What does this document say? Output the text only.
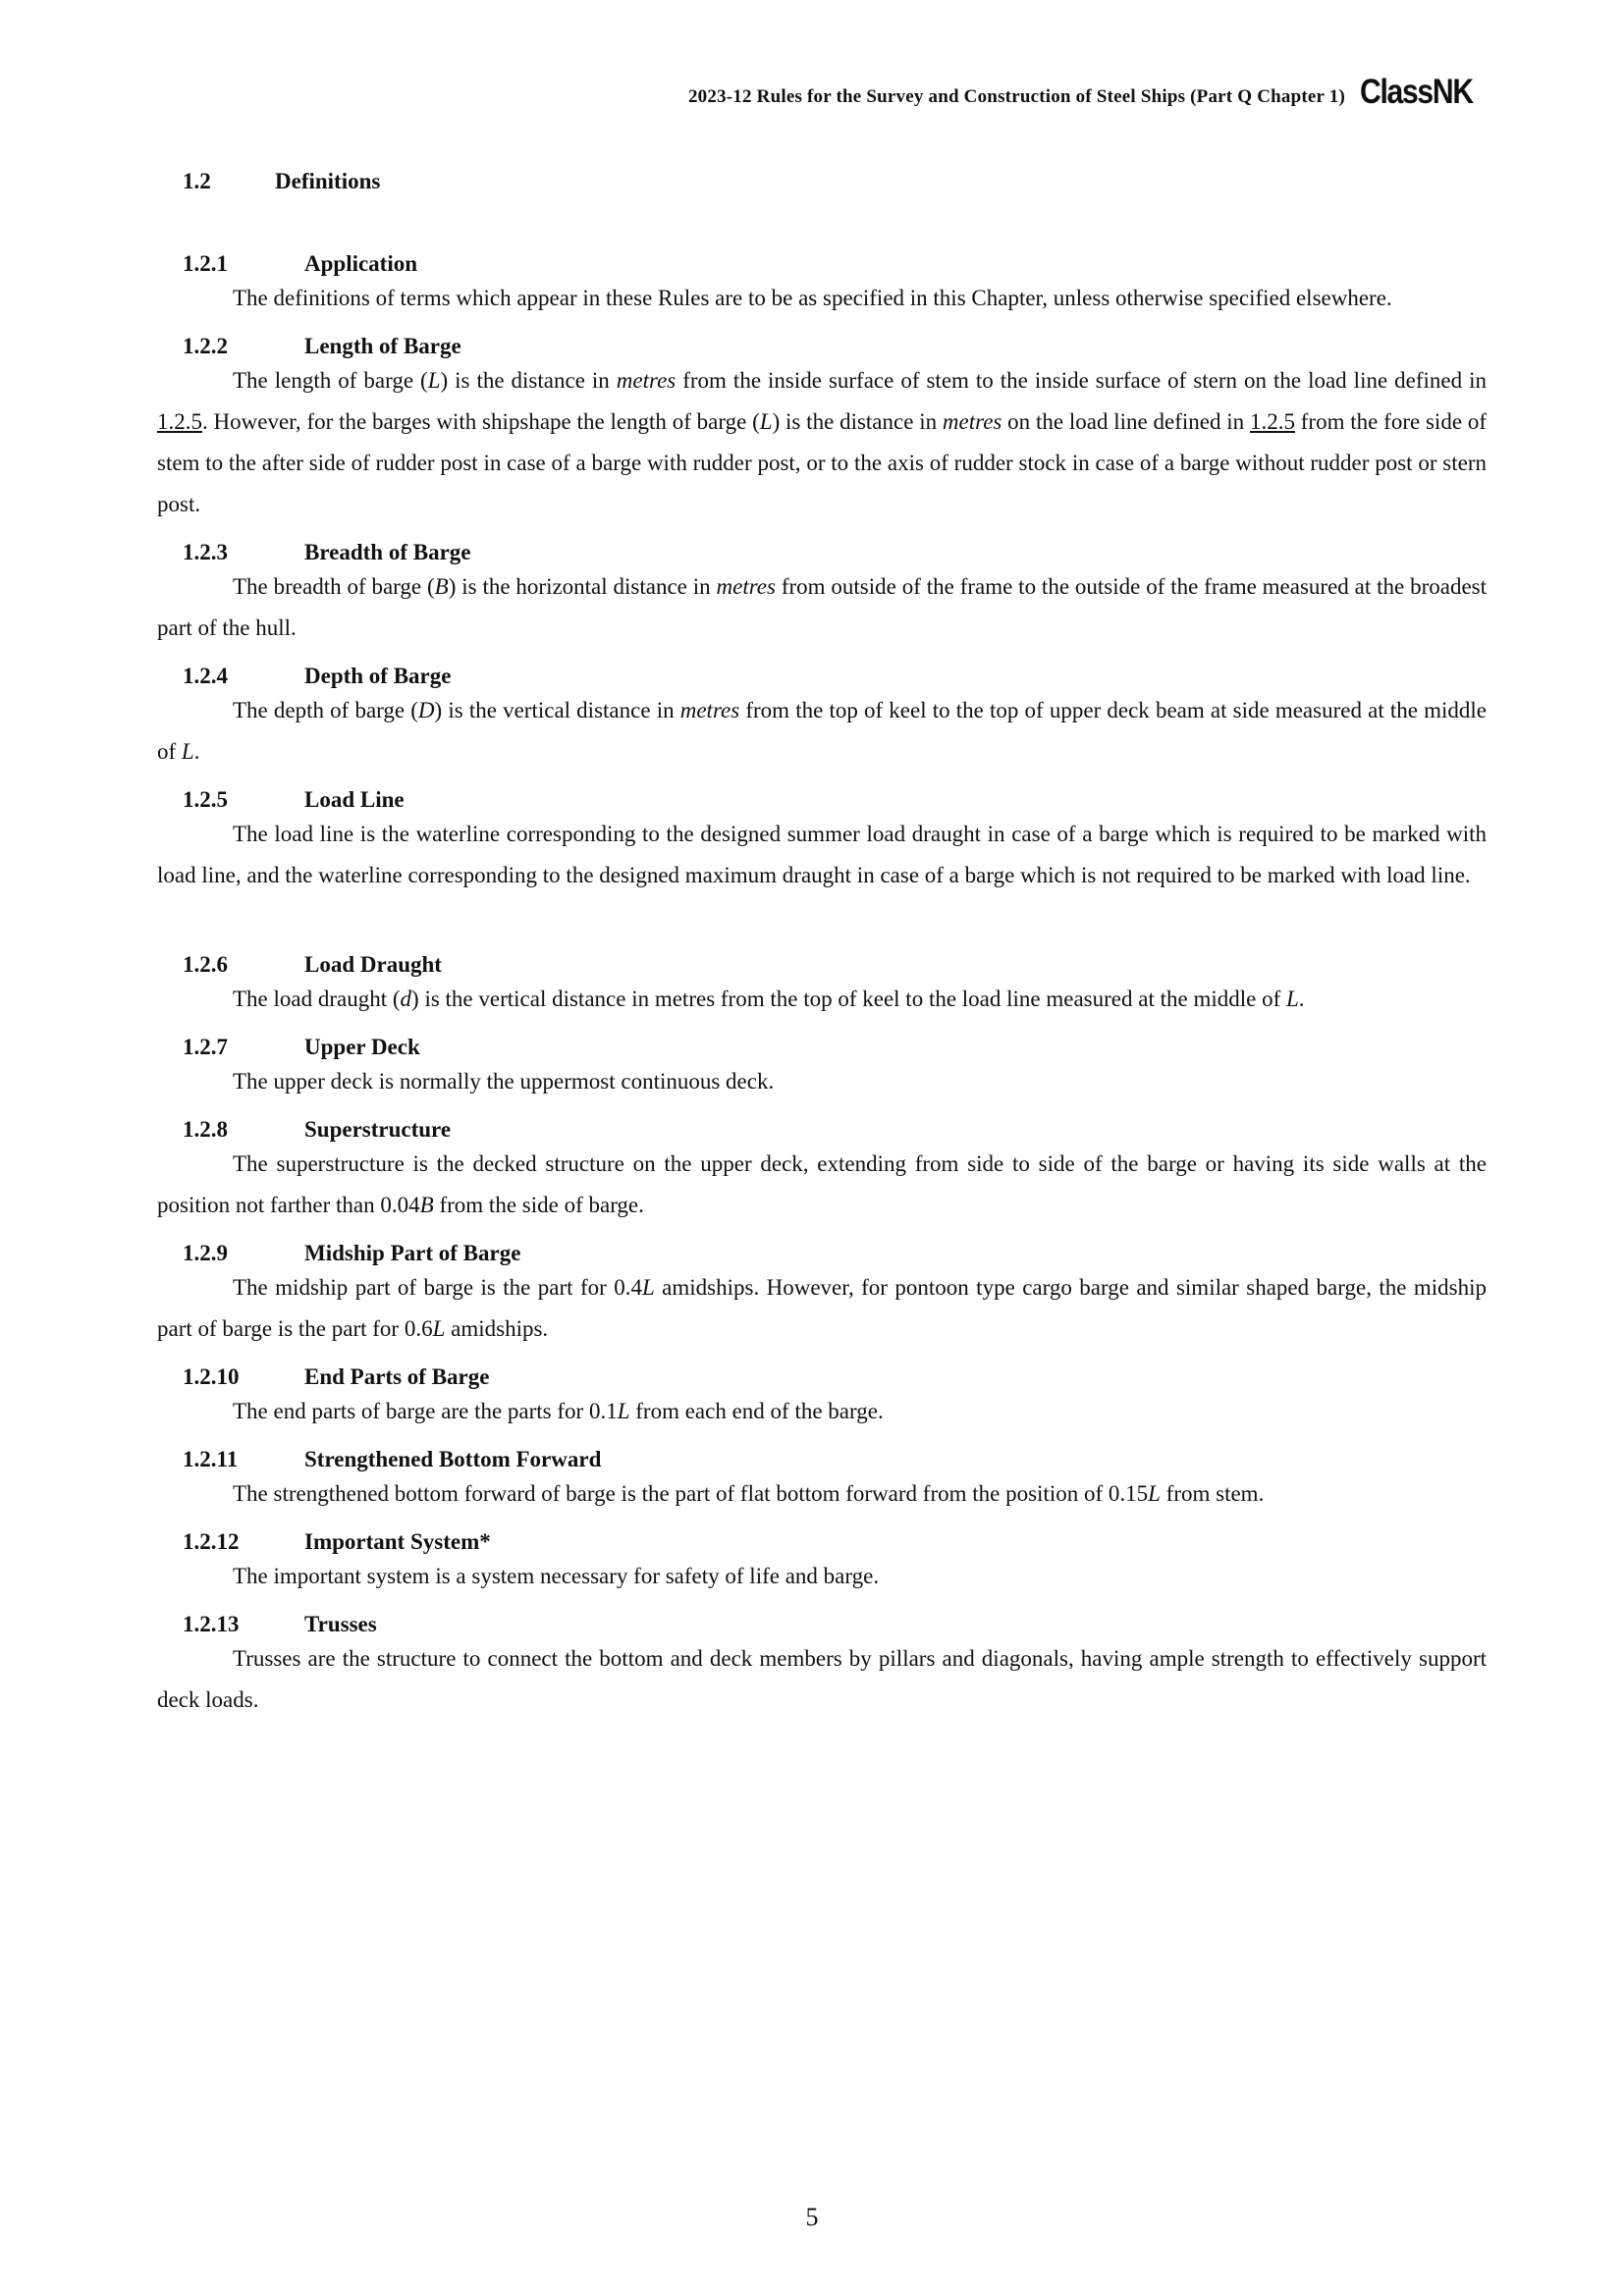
2023-12 Rules for the Survey and Construction of Steel Ships (Part Q Chapter 1) ClassNK
1.2	Definitions
1.2.1	Application
The definitions of terms which appear in these Rules are to be as specified in this Chapter, unless otherwise specified elsewhere.
1.2.2	Length of Barge
The length of barge (L) is the distance in metres from the inside surface of stem to the inside surface of stern on the load line defined in 1.2.5. However, for the barges with shipshape the length of barge (L) is the distance in metres on the load line defined in 1.2.5 from the fore side of stem to the after side of rudder post in case of a barge with rudder post, or to the axis of rudder stock in case of a barge without rudder post or stern post.
1.2.3	Breadth of Barge
The breadth of barge (B) is the horizontal distance in metres from outside of the frame to the outside of the frame measured at the broadest part of the hull.
1.2.4	Depth of Barge
The depth of barge (D) is the vertical distance in metres from the top of keel to the top of upper deck beam at side measured at the middle of L.
1.2.5	Load Line
The load line is the waterline corresponding to the designed summer load draught in case of a barge which is required to be marked with load line, and the waterline corresponding to the designed maximum draught in case of a barge which is not required to be marked with load line.
1.2.6	Load Draught
The load draught (d) is the vertical distance in metres from the top of keel to the load line measured at the middle of L.
1.2.7	Upper Deck
The upper deck is normally the uppermost continuous deck.
1.2.8	Superstructure
The superstructure is the decked structure on the upper deck, extending from side to side of the barge or having its side walls at the position not farther than 0.04B from the side of barge.
1.2.9	Midship Part of Barge
The midship part of barge is the part for 0.4L amidships. However, for pontoon type cargo barge and similar shaped barge, the midship part of barge is the part for 0.6L amidships.
1.2.10	End Parts of Barge
The end parts of barge are the parts for 0.1L from each end of the barge.
1.2.11	Strengthened Bottom Forward
The strengthened bottom forward of barge is the part of flat bottom forward from the position of 0.15L from stem.
1.2.12	Important System*
The important system is a system necessary for safety of life and barge.
1.2.13	Trusses
Trusses are the structure to connect the bottom and deck members by pillars and diagonals, having ample strength to effectively support deck loads.
5
